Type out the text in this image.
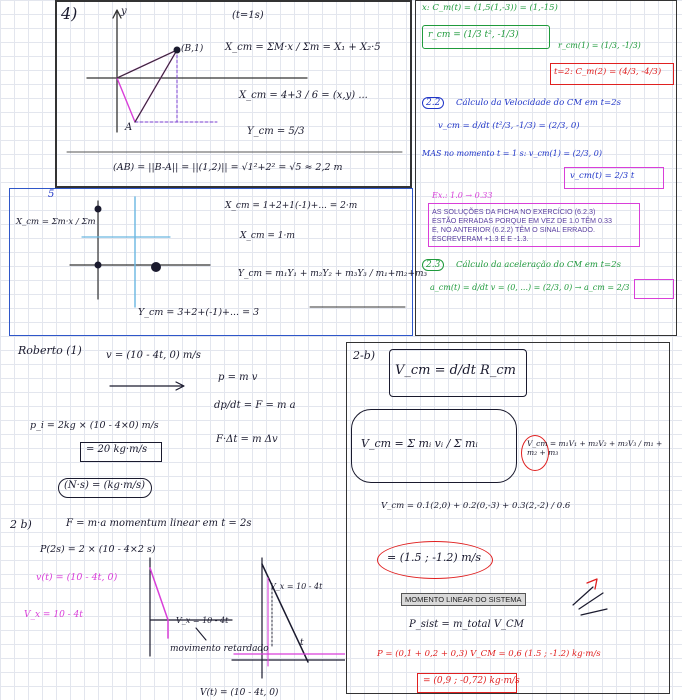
4)	y
(B,1)
A
(t=1s)
X_cm = ΣM·x / Σm = X₁ + X₂·5
X_cm = 4+3 / 6 = (x,y) ...
Y_cm = 5/3
(AB) = ||B-A|| = ||(1,2)|| = √1²+2² = √5 ≈ 2,2 m
5
X_cm = Σm·x / Σm
X_cm = 1+2+1(-1)+... = 2·m
X_cm = 1·m
Y_cm = m₁Y₁ + m₂Y₂ + m₃Y₃ / m₁+m₂+m₃
Y_cm = 3+2+(-1)+... = 3
x: C_m(t) = (1,5(1,-3)) = (1,-15)
r_cm = (1/3 t², -1/3)
r_cm(1) = (1/3, -1/3)
t=2: C_m(2) = (4/3, -4/3)
2.2	Cálculo da Velocidade do CM em t=2s
v_cm = d/dt (t²/3, -1/3) = (2/3, 0)
MAS no momento t = 1 s: v_cm(1) = (2/3, 0)
v_cm(t) = 2/3 t
Ex.: 1.0 → 0.33
AS SOLUÇÕES DA FICHA NO EXERCÍCIO (6.2.3)
ESTÃO ERRADAS PORQUE EM VEZ DE 1.0 TÊM 0.33
E, NO ANTERIOR (6.2.2) TÊM O SINAL ERRADO.
ESCREVERAM +1.3 E E -1.3.
2.3	Cálculo da aceleração do CM em t=2s
a_cm(t) = d/dt v = (0, ...) = (2/3, 0) → a_cm = 2/3
Roberto (1) v = (10 - 4t, 0) m/s
p = m v
dp/dt = F = m a
F·Δt = m Δv
p_i = 2kg × (10 - 4×0) m/s
= 20 kg·m/s
(N·s) = (kg·m/s)
2 b)	F = m·a momentum linear em t = 2s
P(2s) = 2 × (10 - 4×2 s)
v(t) = (10 - 4t, 0)
V_x = 10 - 4t
V_x = 10 - 4t
movimento retardado
V_x = 10 - 4t
t
V(t) = (10 - 4t, 0)
2-b)
V_cm = d/dt R_cm
V_cm = Σ mᵢ vᵢ / Σ mᵢ	V_cm = m₁V₁ + m₂V₂ + m₃V₃ / m₁ + m₂ + m₃
V_cm = 0.1(2,0) + 0.2(0,-3) + 0.3(2,-2) / 0.6
= (1.5 ; -1.2) m/s
MOMENTO LINEAR DO SISTEMA
P_sist = m_total V_CM
P = (0,1 + 0,2 + 0,3) V_CM = 0,6 (1.5 ; -1.2) kg·m/s
= (0,9 ; -0,72) kg·m/s
